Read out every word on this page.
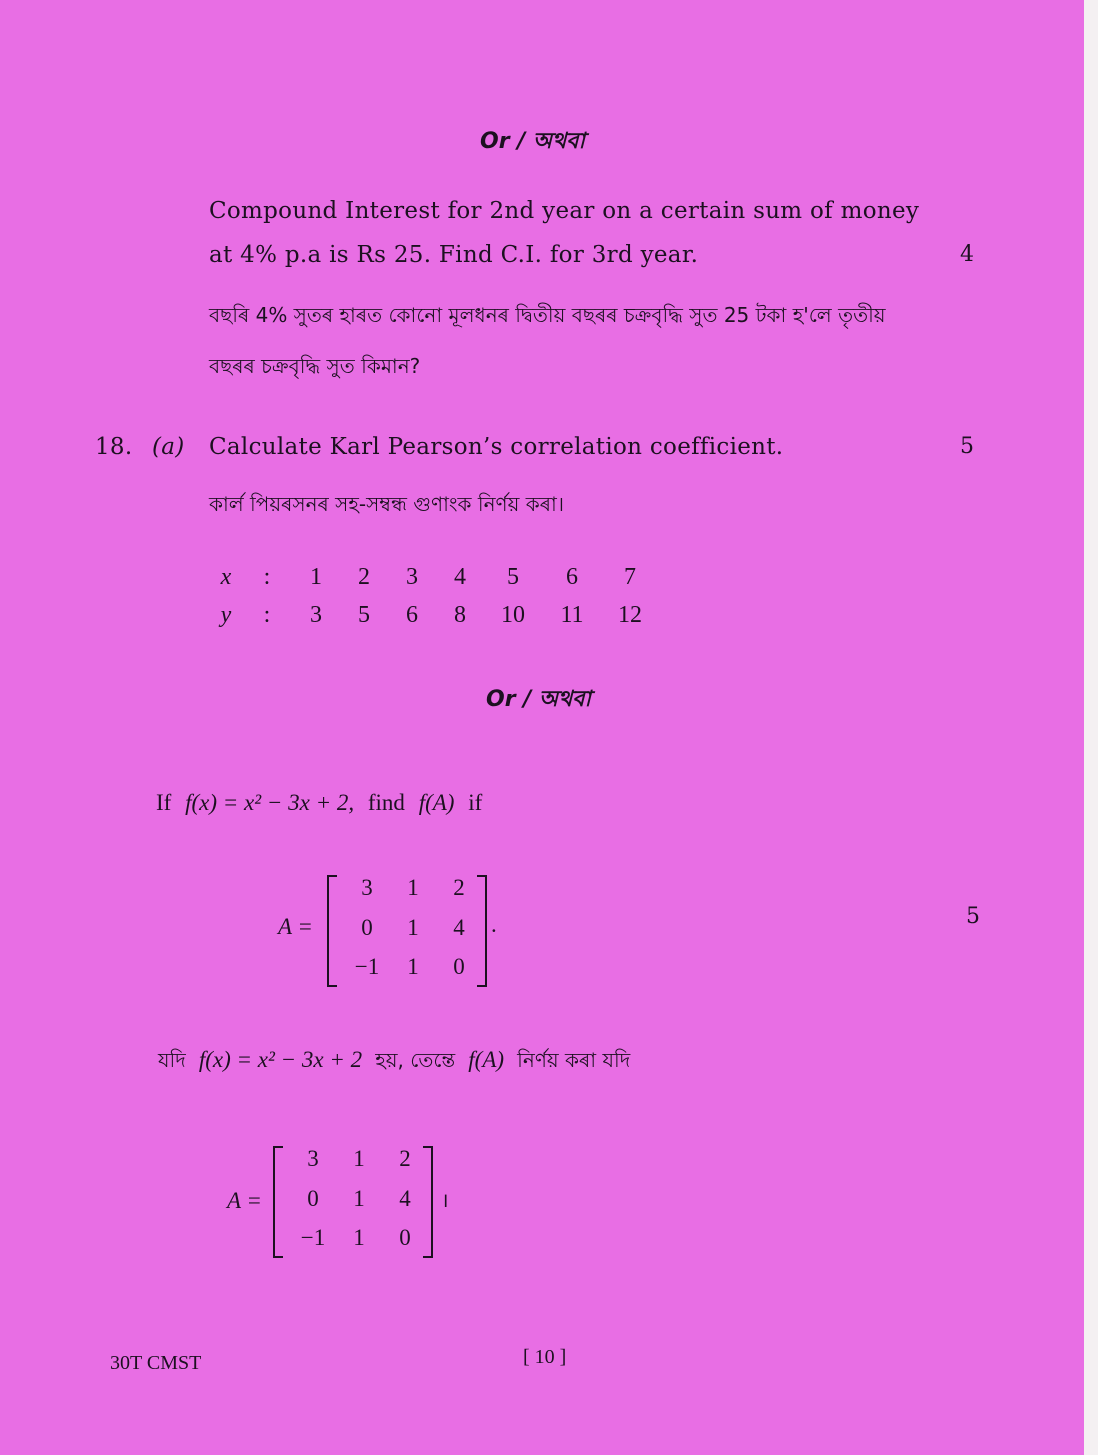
Or / অথবা
Compound Interest for 2nd year on a certain sum of money
at 4% p.a is Rs 25. Find C.I. for 3rd year.	4
বছৰি 4% সুতৰ হাৰত কোনো মূলধনৰ দ্বিতীয় বছৰৰ চক্ৰবৃদ্ধি সুত 25 টকা হ'লে তৃতীয়
বছৰৰ চক্ৰবৃদ্ধি সুত কিমান?
18. (a) Calculate Karl Pearson’s correlation coefficient.	5
কাৰ্ল পিয়ৰসনৰ সহ-সম্বন্ধ গুণাংক নিৰ্ণয় কৰা।
x	:	1	2	3	4	5	6	7
y	:	3	5	6	8	10	11	12
Or / অথবা
If f(x) = x² − 3x + 2, find f(A) if
A =
3	1	2
0	1	4
−1	1	0
.	5
যদি f(x) = x² − 3x + 2 হয়, তেন্তে f(A) নিৰ্ণয় কৰা যদি
A =
3	1	2
0	1	4
−1	1	0
।
30T CMST	[ 10 ]
